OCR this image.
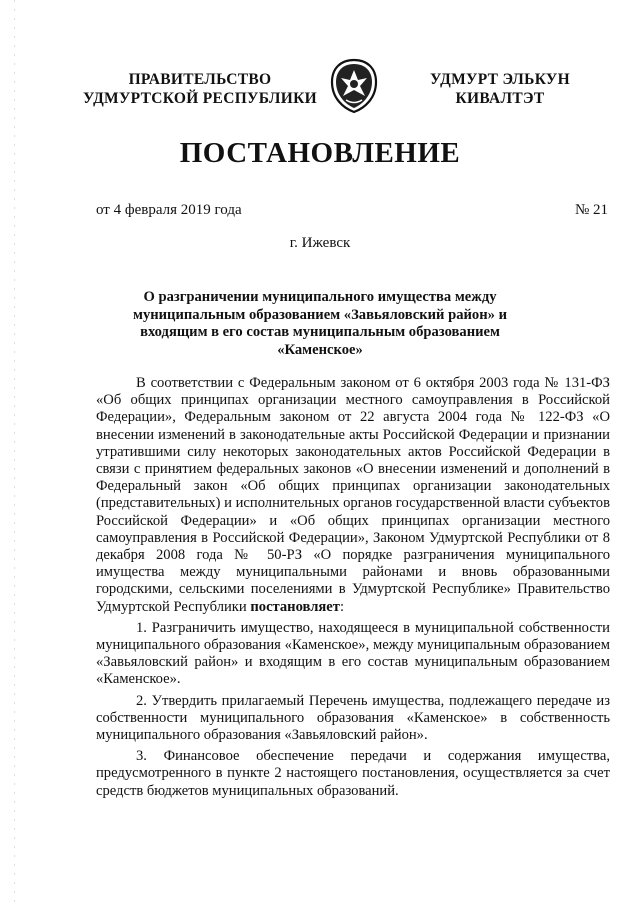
ПРАВИТЕЛЬСТВО
УДМУРТСКОЙ РЕСПУБЛИКИ
УДМУРТ ЭЛЬКУН
КИВАЛТЭТ
ПОСТАНОВЛЕНИЕ
от 4 февраля 2019 года	№ 21
г. Ижевск
О разграничении муниципального имущества между муниципальным образованием «Завьяловский район» и входящим в его состав муниципальным образованием «Каменское»

В соответствии с Федеральным законом от 6 октября 2003 года № 131-ФЗ «Об общих принципах организации местного самоуправления в Российской Федерации», Федеральным законом от 22 августа 2004 года № 122-ФЗ «О внесении изменений в законодательные акты Российской Федерации и признании утратившими силу некоторых законодательных актов Российской Федерации в связи с принятием федеральных законов «О внесении изменений и дополнений в Федеральный закон «Об общих принципах организации законодательных (представительных) и исполнительных органов государственной власти субъектов Российской Федерации» и «Об общих принципах организации местного самоуправления в Российской Федерации», Законом Удмуртской Республики от 8 декабря 2008 года № 50-РЗ «О порядке разграничения муниципального имущества между муниципальными районами и вновь образованными городскими, сельскими поселениями в Удмуртской Республике» Правительство Удмуртской Республики постановляет:

1. Разграничить имущество, находящееся в муниципальной собственности муниципального образования «Каменское», между муниципальным образованием «Завьяловский район» и входящим в его состав муниципальным образованием «Каменское».

2. Утвердить прилагаемый Перечень имущества, подлежащего передаче из собственности муниципального образования «Каменское» в собственность муниципального образования «Завьяловский район».

3. Финансовое обеспечение передачи и содержания имущества, предусмотренного в пункте 2 настоящего постановления, осуществляется за счет средств бюджетов муниципальных образований.
